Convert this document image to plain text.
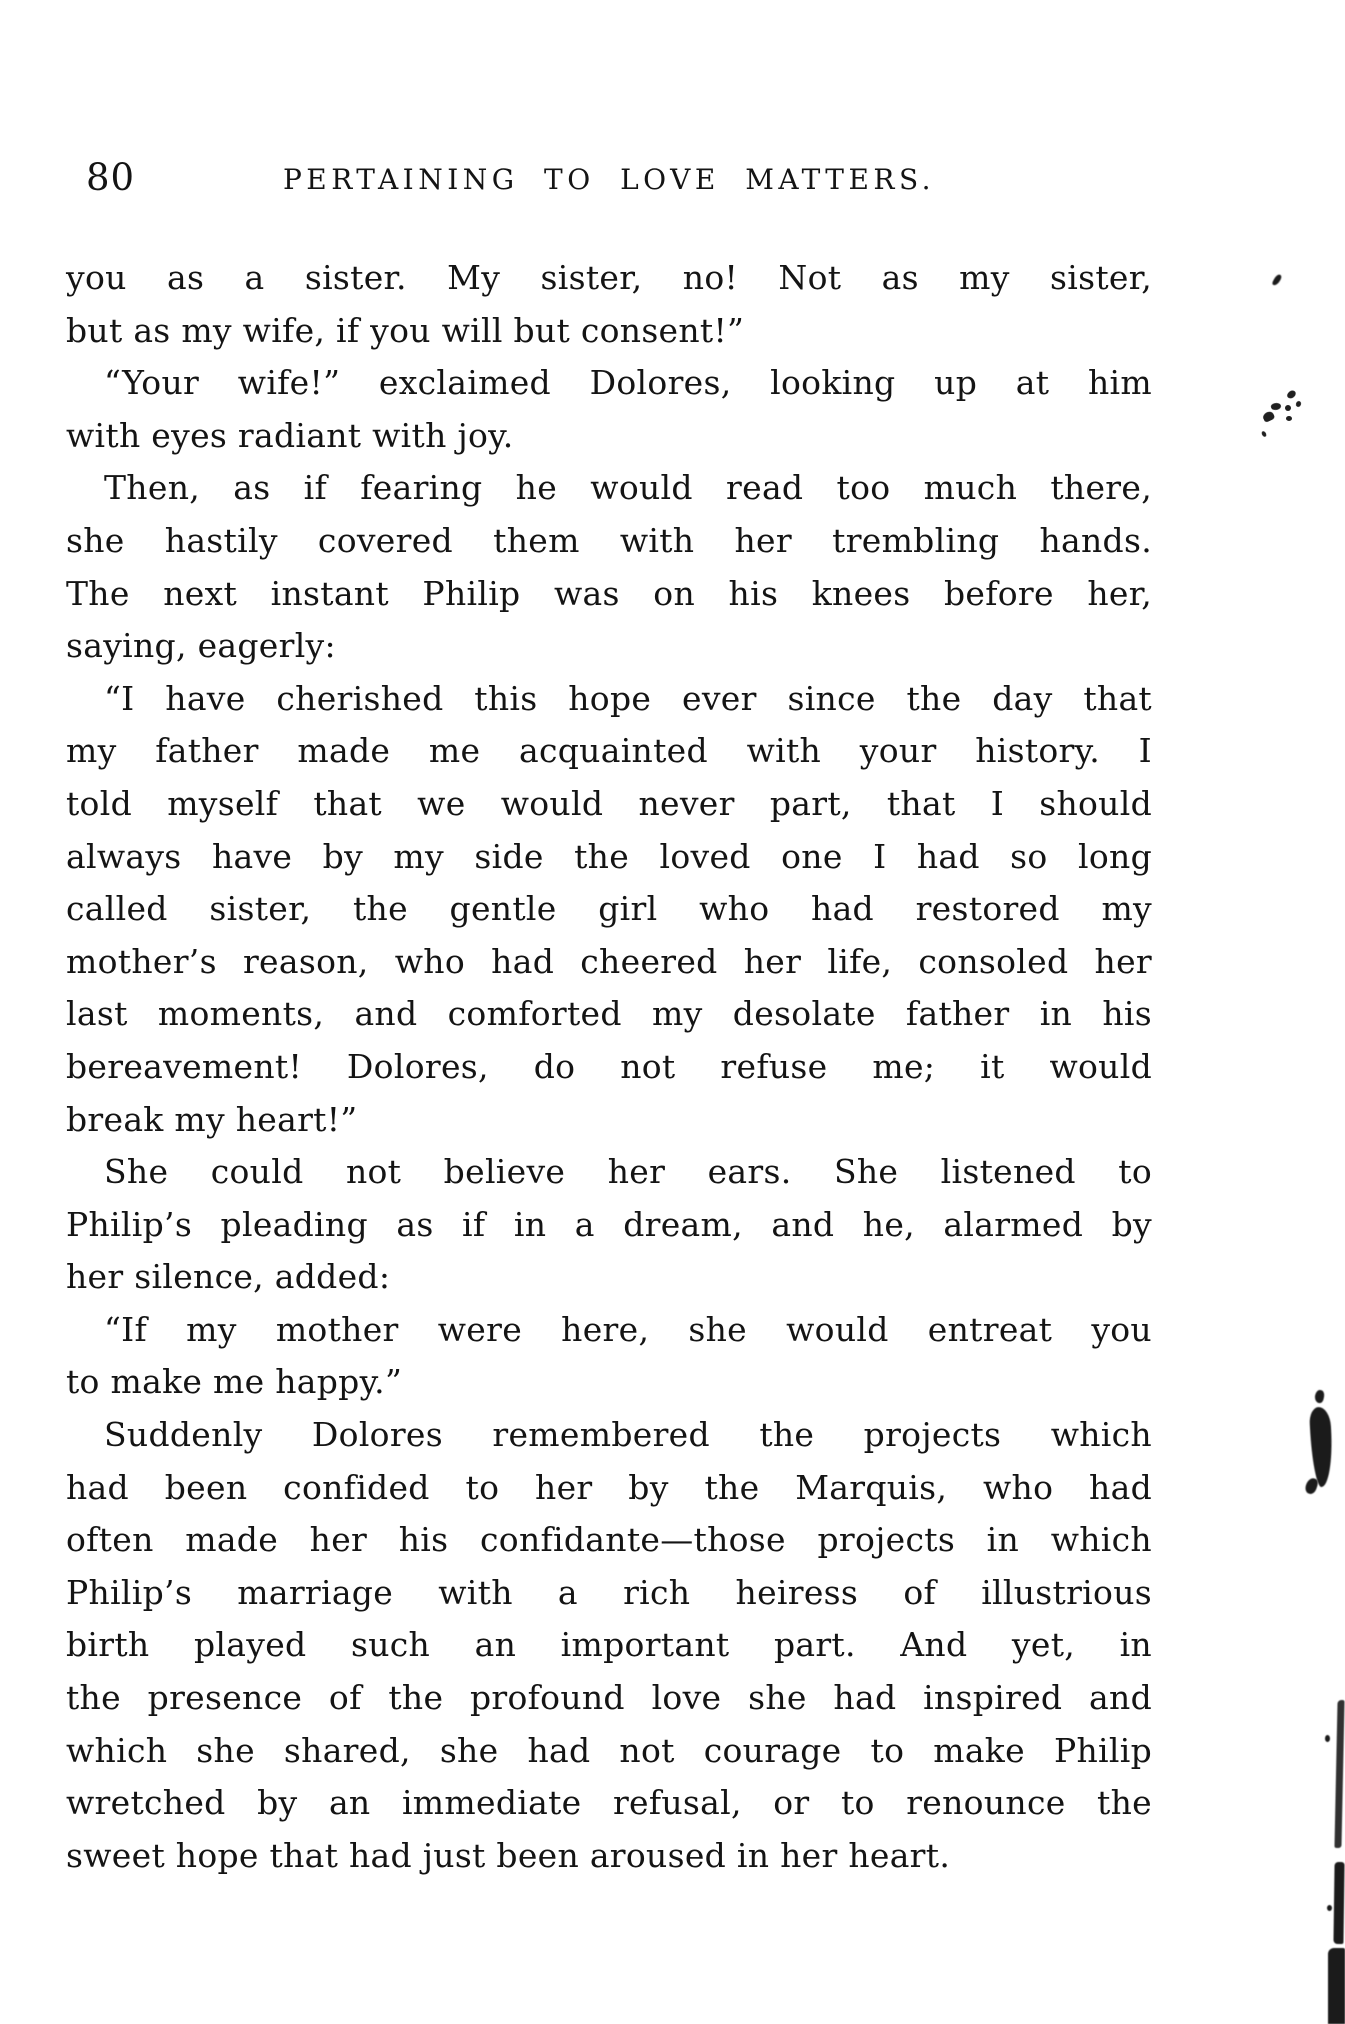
80	PERTAINING TO LOVE MATTERS.
you as a sister. My sister, no! Not as my sister,
but as my wife, if you will but consent!”
“Your wife!” exclaimed Dolores, looking up at him
with eyes radiant with joy.
Then, as if fearing he would read too much there,
she hastily covered them with her trembling hands.
The next instant Philip was on his knees before her,
saying, eagerly:
“I have cherished this hope ever since the day that
my father made me acquainted with your history. I
told myself that we would never part, that I should
always have by my side the loved one I had so long
called sister, the gentle girl who had restored my
mother’s reason, who had cheered her life, consoled her
last moments, and comforted my desolate father in his
bereavement! Dolores, do not refuse me; it would
break my heart!”
She could not believe her ears. She listened to
Philip’s pleading as if in a dream, and he, alarmed by
her silence, added:
“If my mother were here, she would entreat you
to make me happy.”
Suddenly Dolores remembered the projects which
had been confided to her by the Marquis, who had
often made her his confidante—those projects in which
Philip’s marriage with a rich heiress of illustrious
birth played such an important part. And yet, in
the presence of the profound love she had inspired and
which she shared, she had not courage to make Philip
wretched by an immediate refusal, or to renounce the
sweet hope that had just been aroused in her heart.
